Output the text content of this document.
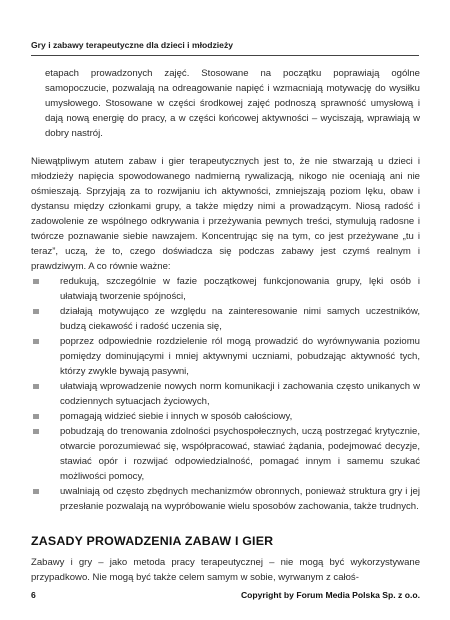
Gry i zabawy terapeutyczne dla dzieci i młodzieży

etapach prowadzonych zajęć. Stosowane na początku poprawiają ogólne samopoczucie, pozwalają na odreagowanie napięć i wzmacniają motywację do wysiłku umysłowego. Stosowane w części środkowej zajęć podnoszą sprawność umysłową i dają nową energię do pracy, a w części końcowej aktywności – wyciszają, wprawiają w dobry nastrój.

Niewątpliwym atutem zabaw i gier terapeutycznych jest to, że nie stwarzają u dzieci i młodzieży napięcia spowodowanego nadmierną rywalizacją, nikogo nie oceniają ani nie ośmieszają. Sprzyjają za to rozwijaniu ich aktywności, zmniejszają poziom lęku, obaw i dystansu między członkami grupy, a także między nimi a prowadzącym. Niosą radość i zadowolenie ze wspólnego odkrywania i przeżywania pewnych treści, stymulują radosne i twórcze poznawanie siebie nawzajem. Koncentrując się na tym, co jest przeżywane „tu i teraz”, uczą, że to, czego doświadcza się podczas zabawy jest czymś realnym i prawdziwym. A co równie ważne:

redukują, szczególnie w fazie początkowej funkcjonowania grupy, lęki osób i ułatwiają tworzenie spójności,
działają motywująco ze względu na zainteresowanie nimi samych uczestników, budzą ciekawość i radość uczenia się,
poprzez odpowiednie rozdzielenie ról mogą prowadzić do wyrównywania poziomu pomiędzy dominującymi i mniej aktywnymi uczniami, pobudzając aktywność tych, którzy zwykle bywają pasywni,
ułatwiają wprowadzenie nowych norm komunikacji i zachowania często unikanych w codziennych sytuacjach życiowych,
pomagają widzieć siebie i innych w sposób całościowy,
pobudzają do trenowania zdolności psychospołecznych, uczą postrzegać krytycznie, otwarcie porozumiewać się, współpracować, stawiać żądania, podejmować decyzje, stawiać opór i rozwijać odpowiedzialność, pomagać innym i samemu szukać możliwości pomocy,
uwalniają od często zbędnych mechanizmów obronnych, ponieważ struktura gry i jej przesłanie pozwalają na wypróbowanie wielu sposobów zachowania, także trudnych.
ZASADY PROWADZENIA ZABAW I GIER

Zabawy i gry – jako metoda pracy terapeutycznej – nie mogą być wykorzystywane przypadkowo. Nie mogą być także celem samym w sobie, wyrwanym z całoś-

6	Copyright by Forum Media Polska Sp. z o.o.
